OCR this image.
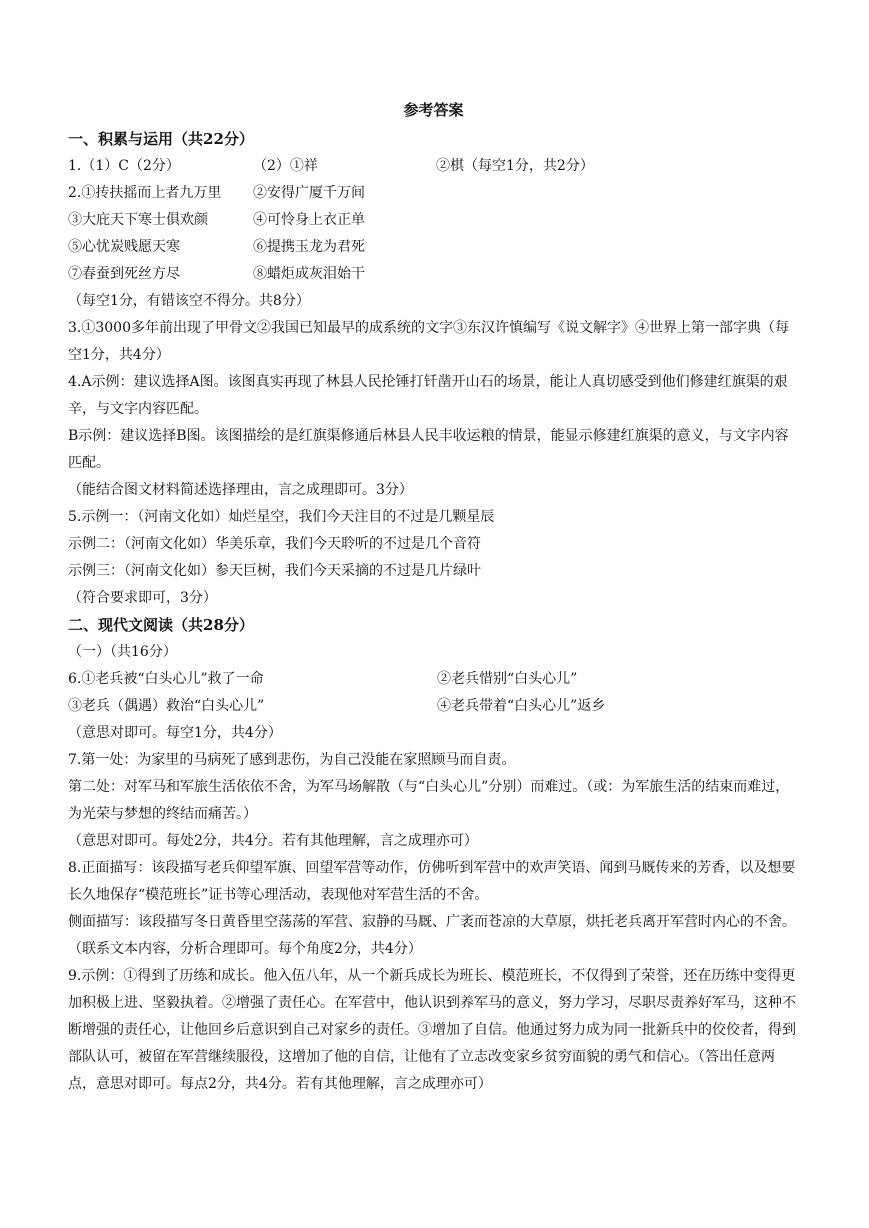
参考答案
一、积累与运用（共22分）
1.（1）C（2分）	（2）①祥	②棋（每空1分，共2分）
2.①抟扶摇而上者九万里 ②安得广厦千万间
③大庇天下寒士俱欢颜	④可怜身上衣正单
⑤心忧炭贱愿天寒	⑥提携玉龙为君死
⑦春蚕到死丝方尽	⑧蜡炬成灰泪始干
（每空1分，有错该空不得分。共8分）
3.①3000多年前出现了甲骨文②我国已知最早的成系统的文字③东汉许慎编写《说文解字》④世界上第一部字典（每空1分，共4分）
4.A示例：建议选择A图。该图真实再现了林县人民抡锤打钎凿开山石的场景，能让人真切感受到他们修建红旗渠的艰辛，与文字内容匹配。
B示例：建议选择B图。该图描绘的是红旗渠修通后林县人民丰收运粮的情景，能显示修建红旗渠的意义，与文字内容匹配。
（能结合图文材料简述选择理由，言之成理即可。3分）
5.示例一：（河南文化如）灿烂星空，我们今天注目的不过是几颗星辰
示例二：（河南文化如）华美乐章，我们今天聆听的不过是几个音符
示例三：（河南文化如）参天巨树，我们今天采摘的不过是几片绿叶
（符合要求即可，3分）
二、现代文阅读（共28分）
（一）（共16分）
6.①老兵被“白头心儿”救了一命	②老兵惜别“白头心儿”
③老兵（偶遇）救治“白头心儿”	④老兵带着“白头心儿”返乡
（意思对即可。每空1分，共4分）
7.第一处：为家里的马病死了感到悲伤，为自己没能在家照顾马而自责。
第二处：对军马和军旅生活依依不舍，为军马场解散（与“白头心儿”分别）而难过。（或：为军旅生活的结束而难过，为光荣与梦想的终结而痛苦。）
（意思对即可。每处2分，共4分。若有其他理解，言之成理亦可）
8.正面描写：该段描写老兵仰望军旗、回望军营等动作，仿佛听到军营中的欢声笑语、闻到马厩传来的芳香，以及想要长久地保存“模范班长”证书等心理活动，表现他对军营生活的不舍。
侧面描写：该段描写冬日黄昏里空荡荡的军营、寂静的马厩、广袤而苍凉的大草原，烘托老兵离开军营时内心的不舍。
（联系文本内容，分析合理即可。每个角度2分，共4分）
9.示例：①得到了历练和成长。他入伍八年，从一个新兵成长为班长、模范班长，不仅得到了荣誉，还在历练中变得更加积极上进、坚毅执着。②增强了责任心。在军营中，他认识到养军马的意义，努力学习，尽职尽责养好军马，这种不断增强的责任心，让他回乡后意识到自己对家乡的责任。③增加了自信。他通过努力成为同一批新兵中的佼佼者，得到部队认可，被留在军营继续服役，这增加了他的自信，让他有了立志改变家乡贫穷面貌的勇气和信心。（答出任意两点，意思对即可。每点2分，共4分。若有其他理解，言之成理亦可）
